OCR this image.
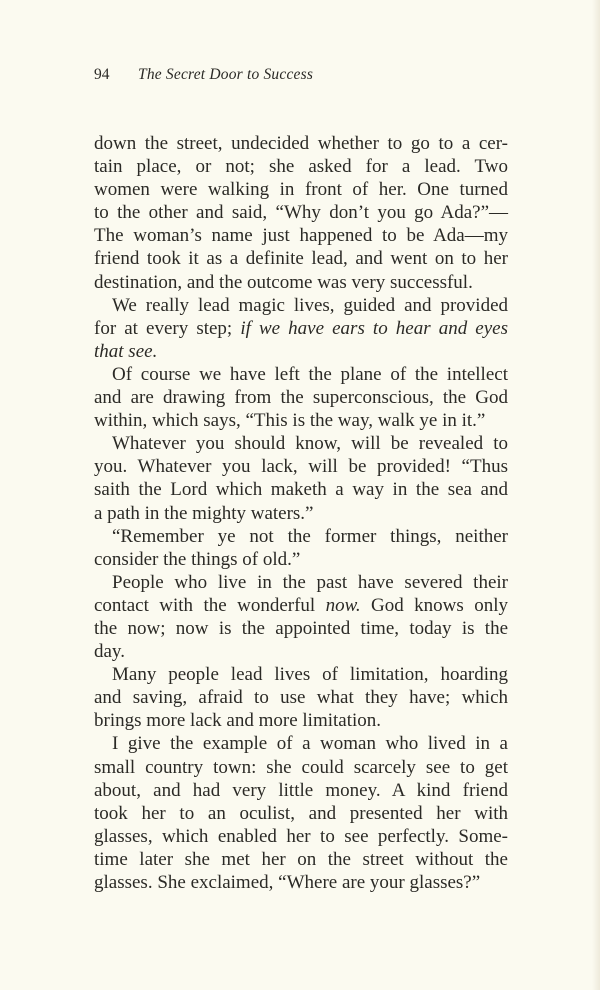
94 The Secret Door to Success
down the street, undecided whether to go to a cer-
tain place, or not; she asked for a lead. Two
women were walking in front of her. One turned
to the other and said, “Why don’t you go Ada?”—
The woman’s name just happened to be Ada—my
friend took it as a definite lead, and went on to her
destination, and the outcome was very successful.
We really lead magic lives, guided and provided
for at every step; if we have ears to hear and eyes
that see.
Of course we have left the plane of the intellect
and are drawing from the superconscious, the God
within, which says, “This is the way, walk ye in it.”
Whatever you should know, will be revealed to
you. Whatever you lack, will be provided! “Thus
saith the Lord which maketh a way in the sea and
a path in the mighty waters.”
“Remember ye not the former things, neither
consider the things of old.”
People who live in the past have severed their
contact with the wonderful now. God knows only
the now; now is the appointed time, today is the
day.
Many people lead lives of limitation, hoarding
and saving, afraid to use what they have; which
brings more lack and more limitation.
I give the example of a woman who lived in a
small country town: she could scarcely see to get
about, and had very little money. A kind friend
took her to an oculist, and presented her with
glasses, which enabled her to see perfectly. Some-
time later she met her on the street without the
glasses. She exclaimed, “Where are your glasses?”
